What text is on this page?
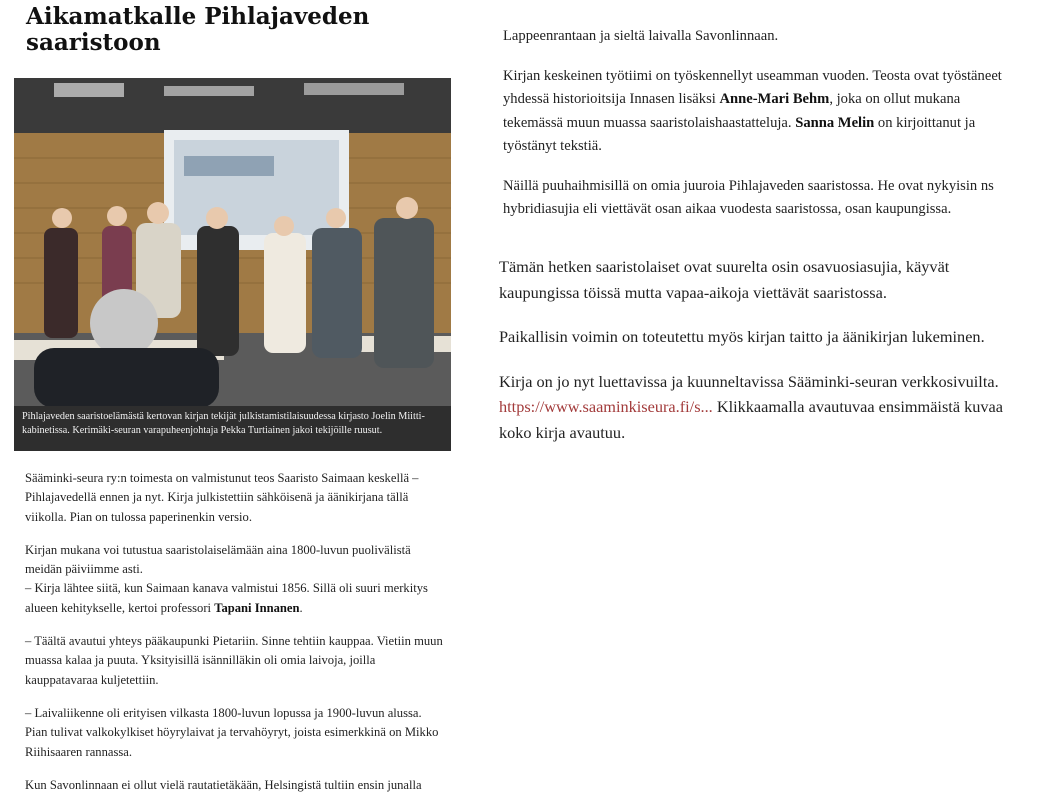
Aikamatkalle Pihlajaveden saaristoon
Pihlajaveden saaristoelämästä kertovan kirjan tekijät julkistamistilaisuudessa kirjasto Joelin Miitti-kabinetissa. Kerimäki-seuran varapuheenjohtaja Pekka Turtiainen jakoi tekijöille ruusut.

Sääminki-seura ry:n toimesta on valmistunut teos Saaristo Saimaan keskellä – Pihlajavedellä ennen ja nyt. Kirja julkistettiin sähköisenä ja äänikirjana tällä viikolla. Pian on tulossa paperinenkin versio.

Kirjan mukana voi tutustua saaristolaiselämään aina 1800-luvun puolivälistä meidän päiviimme asti.

– Kirja lähtee siitä, kun Saimaan kanava valmistui 1856. Sillä oli suuri merkitys alueen kehitykselle, kertoi professori Tapani Innanen.

– Täältä avautui yhteys pääkaupunki Pietariin. Sinne tehtiin kauppaa. Vietiin muun muassa kalaa ja puuta. Yksityisillä isännilläkin oli omia laivoja, joilla kauppatavaraa kuljetettiin.

– Laivaliikenne oli erityisen vilkasta 1800-luvun lopussa ja 1900-luvun alussa. Pian tulivat valkokylkiset höyrylaivat ja tervahöyryt, joista esimerkkinä on Mikko Riihisaaren rannassa.

Kun Savonlinnaan ei ollut vielä rautatietäkään, Helsingistä tultiin ensin junalla

Lappeenrantaan ja sieltä laivalla Savonlinnaan.

Kirjan keskeinen työtiimi on työskennellyt useamman vuoden. Teosta ovat työstäneet yhdessä historioitsija Innasen lisäksi Anne-Mari Behm, joka on ollut mukana tekemässä muun muassa saaristolaishaastatteluja. Sanna Melin on kirjoittanut ja työstänyt tekstiä.

Näillä puuhaihmisillä on omia juuroia Pihlajaveden saaristossa. He ovat nykyisin ns hybridiasujia eli viettävät osan aikaa vuodesta saaristossa, osan kaupungissa.

Tämän hetken saaristolaiset ovat suurelta osin osavuosiasujia, käyvät kaupungissa töissä mutta vapaa-aikoja viettävät saaristossa.

Paikallisin voimin on toteutettu myös kirjan taitto ja äänikirjan lukeminen.

Kirja on jo nyt luettavissa ja kuunneltavissa Sääminki-seuran verkkosivuilta.
https://www.saaminkiseura.fi/s... Klikkaamalla avautuvaa ensimmäistä kuvaa koko kirja avautuu.
